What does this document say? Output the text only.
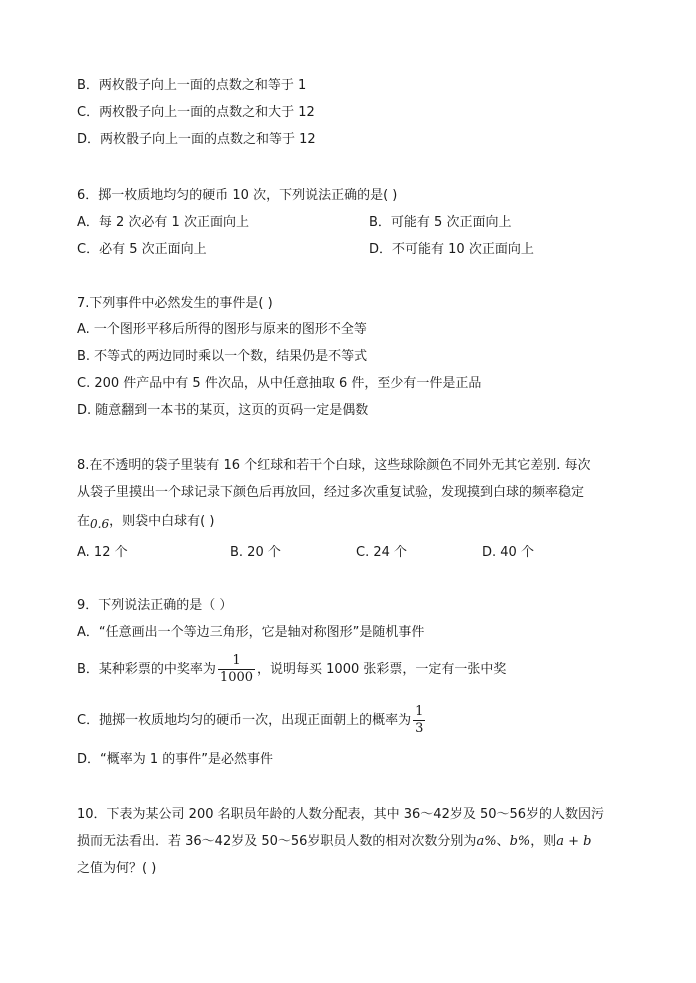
B．两枚骰子向上一面的点数之和等于 1
C．两枚骰子向上一面的点数之和大于 12
D．两枚骰子向上一面的点数之和等于 12
6．掷一枚质地均匀的硬币 10 次，下列说法正确的是( )
A．每 2 次必有 1 次正面向上	B．可能有 5 次正面向上
C．必有 5 次正面向上	D．不可能有 10 次正面向上
7.下列事件中必然发生的事件是( )
A. 一个图形平移后所得的图形与原来的图形不全等
B. 不等式的两边同时乘以一个数，结果仍是不等式
C. 200 件产品中有 5 件次品，从中任意抽取 6 件，至少有一件是正品
D. 随意翻到一本书的某页，这页的页码一定是偶数
8.在不透明的袋子里装有 16 个红球和若干个白球，这些球除颜色不同外无其它差别. 每次
从袋子里摸出一个球记录下颜色后再放回，经过多次重复试验，发现摸到白球的频率稳定
在0.6，则袋中白球有( )
A. 12 个	B. 20 个	C. 24 个	D. 40 个
9．下列说法正确的是（ ）
A．“任意画出一个等边三角形，它是轴对称图形”是随机事件
B．某种彩票的中奖率为 $\frac{1}{1000}$ ，说明每买 1000 张彩票，一定有一张中奖
C．抛掷一枚质地均匀的硬币一次，出现正面朝上的概率为 $\frac{1}{3}$
D．“概率为 1 的事件”是必然事件
10．下表为某公司 200 名职员年龄的人数分配表，其中 36～42岁及 50～56岁的人数因污
损而无法看出．若 36～42岁及 50～56岁职员人数的相对次数分别为a%、b%，则a + b
之值为何？( )
